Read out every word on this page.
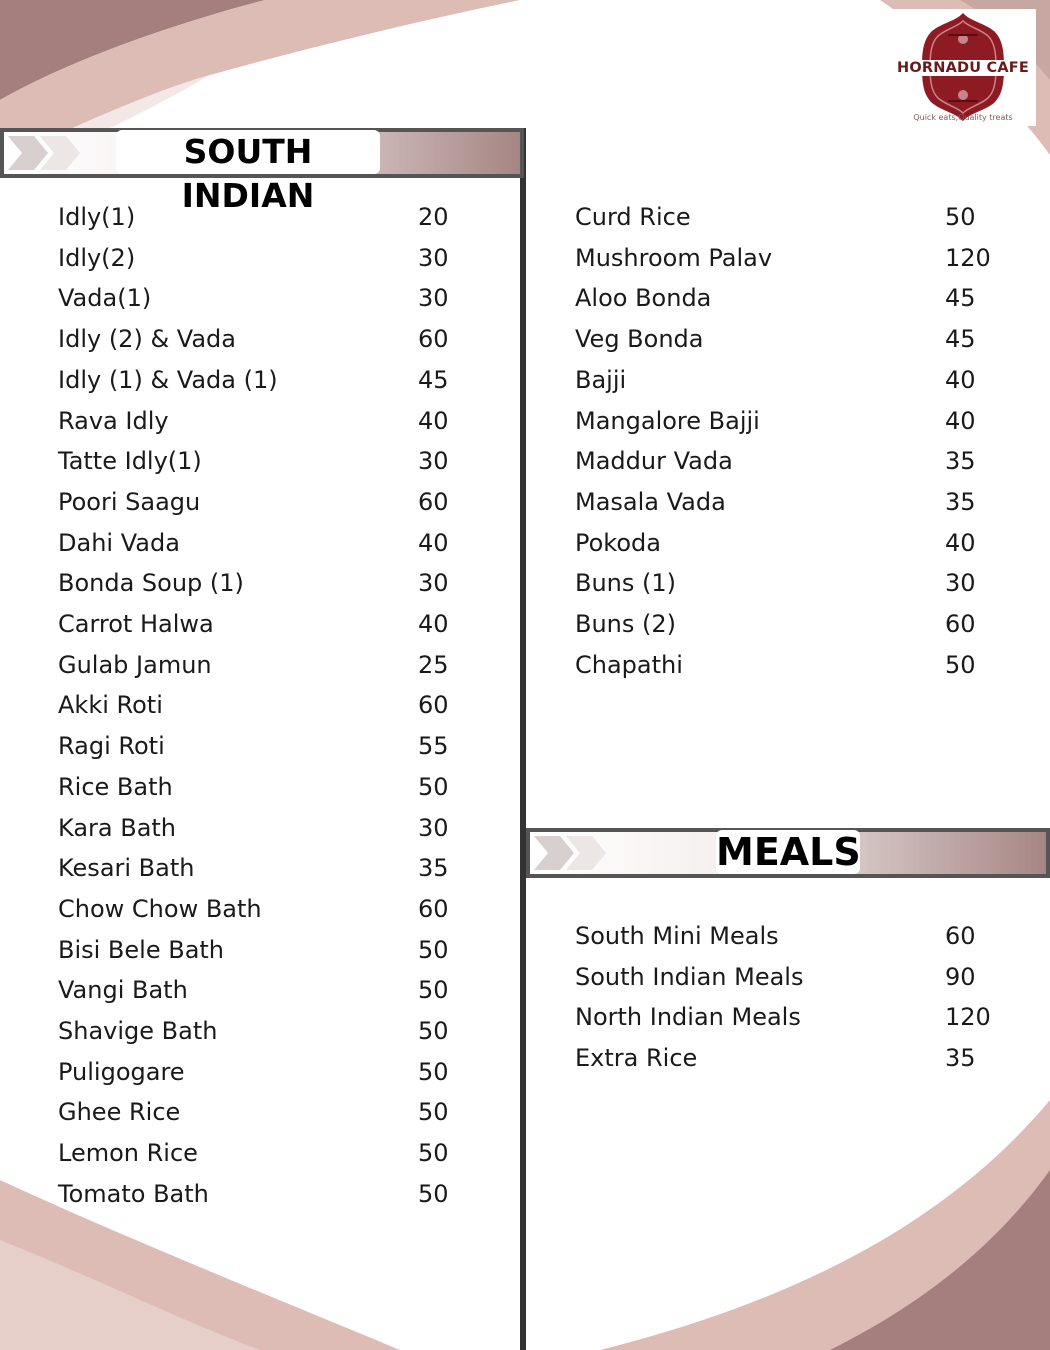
HORNADU CAFE
Quick eats,Quality treats
SOUTH INDIAN
MEALS
Idly(1)	20
Idly(2)	30
Vada(1)	30
Idly (2) & Vada	60
Idly (1) & Vada (1)	45
Rava Idly	40
Tatte Idly(1)	30
Poori Saagu	60
Dahi Vada	40
Bonda Soup (1)	30
Carrot Halwa	40
Gulab Jamun	25
Akki Roti	60
Ragi Roti	55
Rice Bath	50
Kara Bath	30
Kesari Bath	35
Chow Chow Bath	60
Bisi Bele Bath	50
Vangi Bath	50
Shavige Bath	50
Puligogare	50
Ghee Rice	50
Lemon Rice	50
Tomato Bath	50
Curd Rice	50
Mushroom Palav	120
Aloo Bonda	45
Veg Bonda	45
Bajji	40
Mangalore Bajji	40
Maddur Vada	35
Masala Vada	35
Pokoda	40
Buns (1)	30
Buns (2)	60
Chapathi	50
South Mini Meals	60
South Indian Meals	90
North Indian Meals	120
Extra Rice	35
